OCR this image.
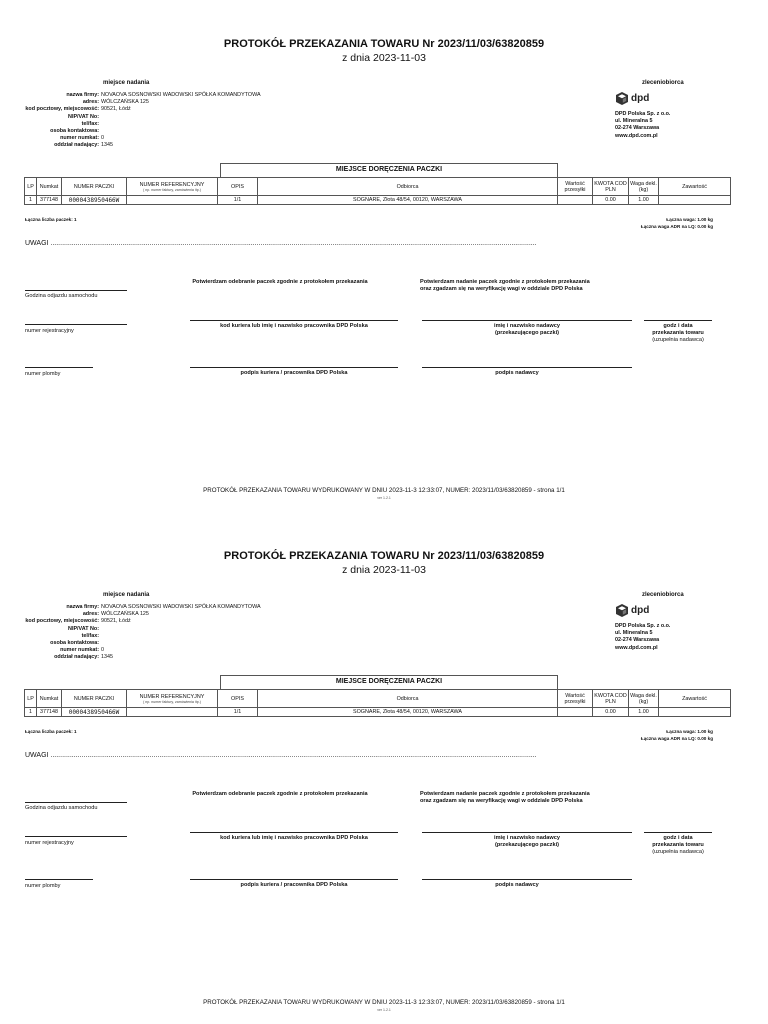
PROTOKÓŁ PRZEKAZANIA TOWARU Nr 2023/11/03/63820859
z dnia 2023-11-03
miejsce nadania
nazwa firmy: NOVAOVA SOSNOWSKI WADOWSKI SPÓŁKA KOMANDYTOWA
adres: WÓLCZAŃSKA 125
kod pocztowy, miejscowość: 90521, Łódź
NIP/VAT No:
tel/fax:
osoba kontaktowa:
numer numkat: 0
oddział nadający: 1345
zleceniobiorca
dpd
DPD Polska Sp. z o.o.
ul. Mineralna 5
02-274 Warszawa
www.dpd.com.pl
MIEJSCE DORĘCZENIA PACZKI
LP	Numkat	NUMER PACZKI	NUMER REFERENCYJNY
( np. numer faktury, zamówienia itp.)	OPIS	Odbiorca	Wartość przesyłki	KWOTA COD PLN	Waga dekl. (kg)	Zawartość
1	377148	0000438950466W		1/1	SOGNARE, Złota 48/54, 00120, WARSZAWA		0.00	1.00	
Łączna liczba paczek: 1	Łączna waga: 1.00 kg
Łączna waga ADR na LQ: 0.00 kg
UWAGI ..........................................................................................................................................................................................................................................................
Potwierdzam odebranie paczek zgodnie z protokołem przekazania	Potwierdzam nadanie paczek zgodnie z protokołem przekazania
oraz zgadzam się na weryfikację wagi w oddziale DPD Polska
Godzina odjazdu samochodu
numer rejestracyjny
kod kuriera lub imię i nazwisko pracownika DPD Polska	imię i nazwisko nadawcy
(przekazującego paczki)
godz i data
przekazania towaru
(uzupełnia nadawca)
numer plomby	podpis kuriera / pracownika DPD Polska	podpis nadawcy
PROTOKÓŁ PRZEKAZANIA TOWARU WYDRUKOWANY W DNIU 2023-11-3 12:33:07, NUMER: 2023/11/03/63820859 - strona 1/1
ver 1.2.1
PROTOKÓŁ PRZEKAZANIA TOWARU Nr 2023/11/03/63820859
z dnia 2023-11-03
miejsce nadania
nazwa firmy: NOVAOVA SOSNOWSKI WADOWSKI SPÓŁKA KOMANDYTOWA
adres: WÓLCZAŃSKA 125
kod pocztowy, miejscowość: 90521, Łódź
NIP/VAT No:
tel/fax:
osoba kontaktowa:
numer numkat: 0
oddział nadający: 1345
zleceniobiorca
dpd
DPD Polska Sp. z o.o.
ul. Mineralna 5
02-274 Warszawa
www.dpd.com.pl
MIEJSCE DORĘCZENIA PACZKI
LP	Numkat	NUMER PACZKI	NUMER REFERENCYJNY
( np. numer faktury, zamówienia itp.)	OPIS	Odbiorca	Wartość przesyłki	KWOTA COD PLN	Waga dekl. (kg)	Zawartość
1	377148	0000438950466W		1/1	SOGNARE, Złota 48/54, 00120, WARSZAWA		0.00	1.00	
Łączna liczba paczek: 1	Łączna waga: 1.00 kg
Łączna waga ADR na LQ: 0.00 kg
UWAGI ..........................................................................................................................................................................................................................................................
Potwierdzam odebranie paczek zgodnie z protokołem przekazania	Potwierdzam nadanie paczek zgodnie z protokołem przekazania
oraz zgadzam się na weryfikację wagi w oddziale DPD Polska
Godzina odjazdu samochodu
numer rejestracyjny
kod kuriera lub imię i nazwisko pracownika DPD Polska	imię i nazwisko nadawcy
(przekazującego paczki)
godz i data
przekazania towaru
(uzupełnia nadawca)
numer plomby	podpis kuriera / pracownika DPD Polska	podpis nadawcy
PROTOKÓŁ PRZEKAZANIA TOWARU WYDRUKOWANY W DNIU 2023-11-3 12:33:07, NUMER: 2023/11/03/63820859 - strona 1/1
ver 1.2.1
